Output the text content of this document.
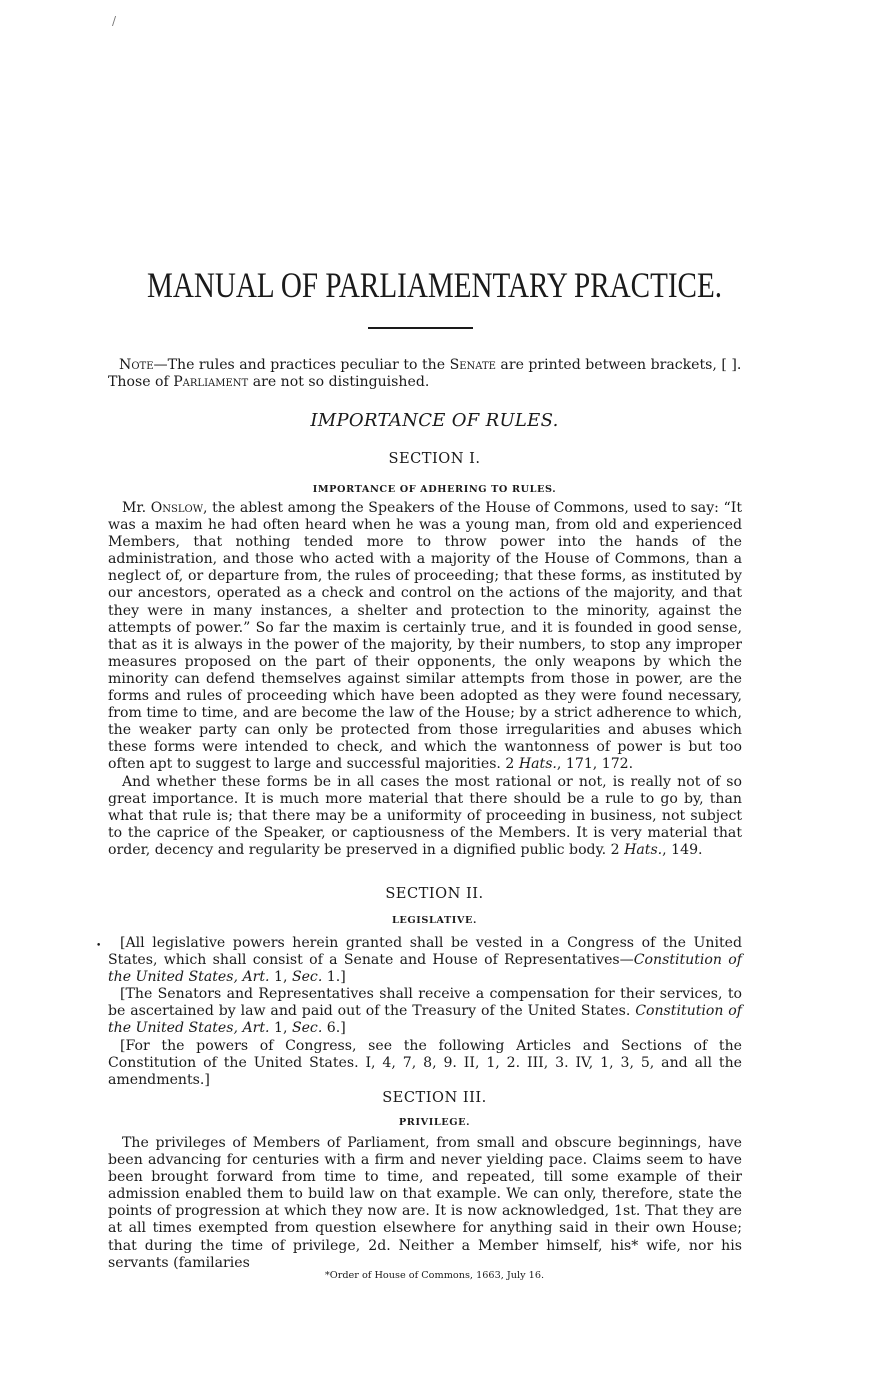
/
MANUAL OF PARLIAMENTARY PRACTICE.

Note—The rules and practices peculiar to the Senate are printed between brackets, [ ].
Those of Parliament are not so distinguished.

IMPORTANCE OF RULES.
SECTION I.
IMPORTANCE OF ADHERING TO RULES.

Mr. Onslow, the ablest among the Speakers of the House of Commons, used to say: “It was a maxim he had often heard when he was a young man, from old and experienced Members, that nothing tended more to throw power into the hands of the administration, and those who acted with a majority of the House of Commons, than a neglect of, or departure from, the rules of proceeding; that these forms, as instituted by our ancestors, operated as a check and control on the actions of the majority, and that they were in many instances, a shelter and protection to the minority, against the attempts of power.” So far the maxim is certainly true, and it is founded in good sense, that as it is always in the power of the majority, by their numbers, to stop any improper measures proposed on the part of their opponents, the only weapons by which the minority can defend themselves against similar attempts from those in power, are the forms and rules of proceeding which have been adopted as they were found necessary, from time to time, and are become the law of the House; by a strict adherence to which, the weaker party can only be protected from those irregularities and abuses which these forms were intended to check, and which the wantonness of power is but too often apt to suggest to large and successful majorities. 2 Hats., 171, 172.

And whether these forms be in all cases the most rational or not, is really not of so great importance. It is much more material that there should be a rule to go by, than what that rule is; that there may be a uniformity of proceeding in business, not subject to the caprice of the Speaker, or captiousness of the Members. It is very material that order, decency and regularity be preserved in a dignified public body. 2 Hats., 149.

SECTION II.
LEGISLATIVE.
•	[All legislative powers herein granted shall be vested in a Congress of the United States, which shall consist of a Senate and House of Representatives—Constitution of the United States, Art. 1, Sec. 1.]

[The Senators and Representatives shall receive a compensation for their services, to be ascertained by law and paid out of the Treasury of the United States. Constitution of the United States, Art. 1, Sec. 6.]

[For the powers of Congress, see the following Articles and Sections of the Constitution of the United States. I, 4, 7, 8, 9. II, 1, 2. III, 3. IV, 1, 3, 5, and all the amendments.]

SECTION III.
PRIVILEGE.

The privileges of Members of Parliament, from small and obscure beginnings, have been advancing for centuries with a firm and never yielding pace. Claims seem to have been brought forward from time to time, and repeated, till some example of their admission enabled them to build law on that example. We can only, therefore, state the points of progression at which they now are. It is now acknowledged, 1st. That they are at all times exempted from question elsewhere for anything said in their own House; that during the time of privilege, 2d. Neither a Member himself, his* wife, nor his servants (familaries

*Order of House of Commons, 1663, July 16.
